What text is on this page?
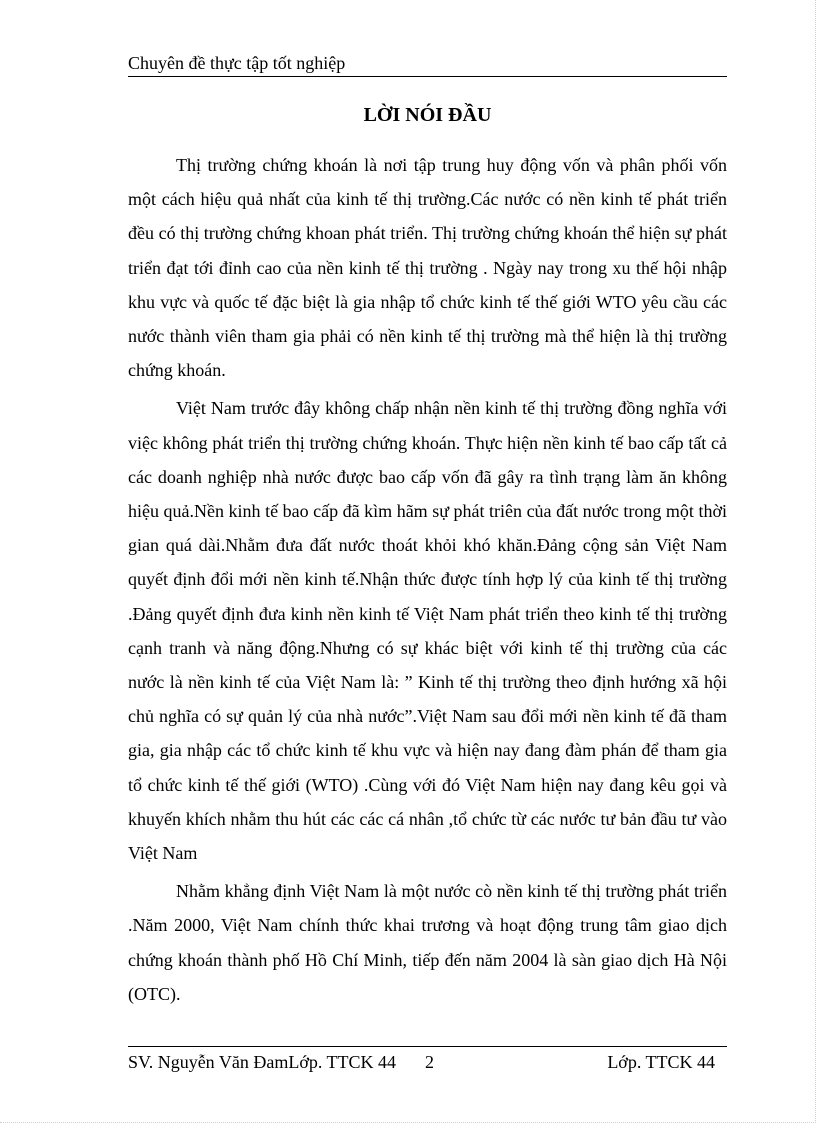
Chuyên đề thực tập tốt nghiệp
LỜI NÓI ĐẦU

Thị trường chứng khoán là nơi tập trung huy động vốn và phân phối vốn một cách hiệu quả nhất của kinh tế thị trường.Các nước có nền kinh tế phát triển đều có thị trường chứng khoan phát triển. Thị trường chứng khoán thể hiện sự phát triển đạt tới đỉnh cao của nền kinh tế thị trường . Ngày nay trong xu thế hội nhập khu vực và quốc tế đặc biệt là gia nhập tổ chức kinh tế thế giới WTO yêu cầu các nước thành viên tham gia phải có nền kinh tế thị trường mà thể hiện là thị trường chứng khoán.

Việt Nam trước đây không chấp nhận nền kinh tế thị trường đồng nghĩa với việc không phát triển thị trường chứng khoán. Thực hiện nền kinh tế bao cấp tất cả các doanh nghiệp nhà nước được bao cấp vốn đã gây ra tình trạng làm ăn không hiệu quả.Nền kinh tế bao cấp đã kìm hãm sự phát triên của đất nước trong một thời gian quá dài.Nhằm đưa đất nước thoát khỏi khó khăn.Đảng cộng sản Việt Nam quyết định đổi mới nền kinh tế.Nhận thức được tính hợp lý của kinh tế thị trường .Đảng quyết định đưa kinh nền kinh tế Việt Nam phát triển theo kinh tế thị trường cạnh tranh và năng động.Nhưng có sự khác biệt với kinh tế thị trường của các nước là nền kinh tế của Việt Nam là: ” Kinh tế thị trường theo định hướng xã hội chủ nghĩa có sự quản lý của nhà nước”.Việt Nam sau đổi mới nền kinh tế đã tham gia, gia nhập các tổ chức kinh tế khu vực và hiện nay đang đàm phán để tham gia tổ chức kinh tế thế giới (WTO) .Cùng với đó Việt Nam hiện nay đang kêu gọi và khuyến khích nhằm thu hút các các cá nhân ,tổ chức từ các nước tư bản đầu tư vào Việt Nam

Nhằm khẳng định Việt Nam là một nước cò nền kinh tế thị trường phát triển .Năm 2000, Việt Nam chính thức khai trương và hoạt động trung tâm giao dịch chứng khoán thành phố Hồ Chí Minh, tiếp đến năm 2004 là sàn giao dịch Hà Nội (OTC).

SV. Nguyễn Văn ĐamLớp. TTCK 44 2	Lớp. TTCK 44
